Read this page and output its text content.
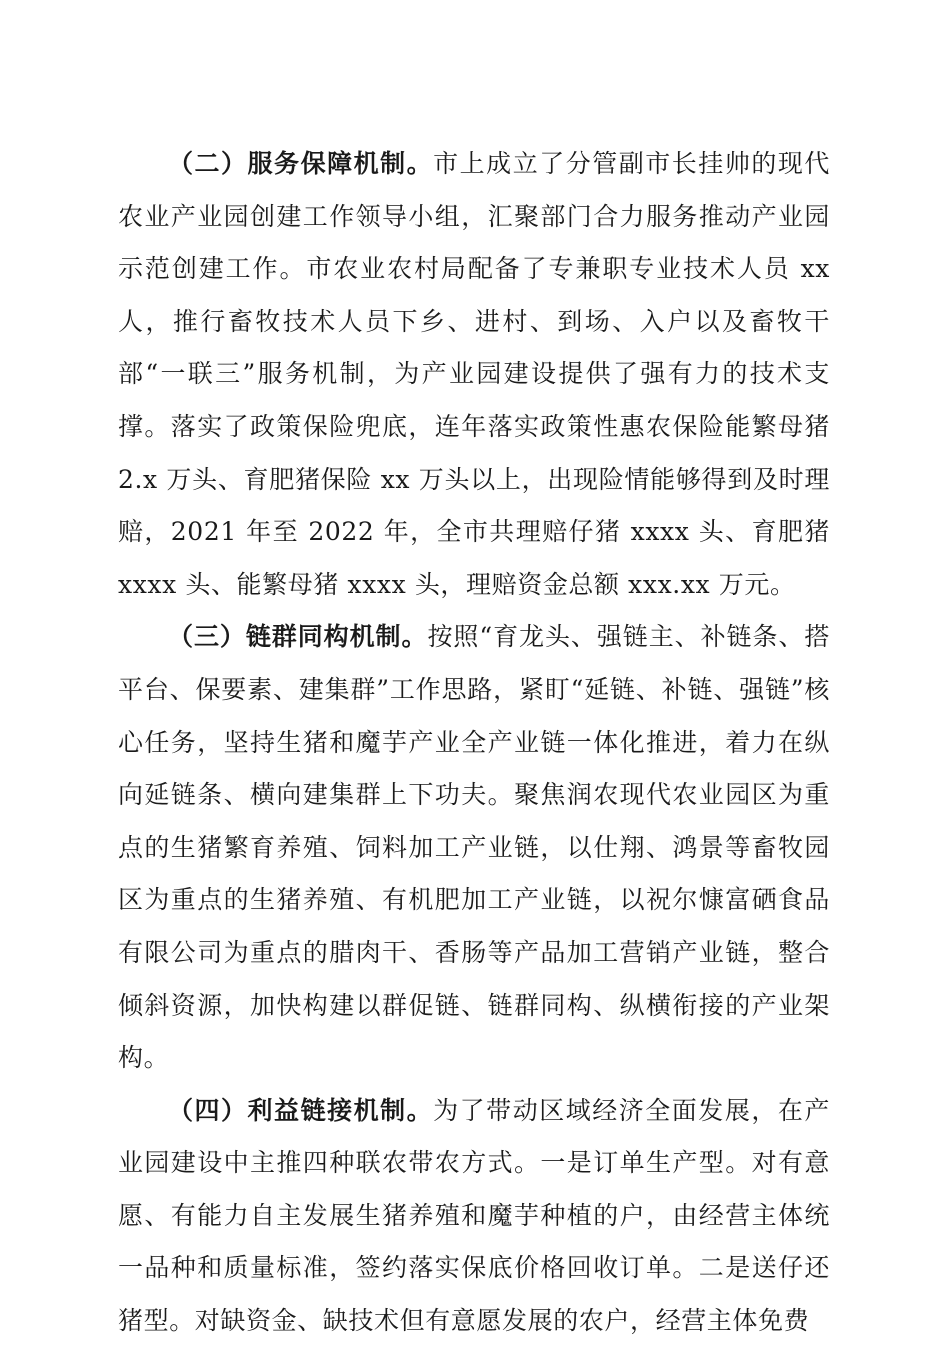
（二）服务保障机制。市上成立了分管副市长挂帅的现代农业产业园创建工作领导小组，汇聚部门合力服务推动产业园示范创建工作。市农业农村局配备了专兼职专业技术人员 xx 人，推行畜牧技术人员下乡、进村、到场、入户以及畜牧干部“一联三”服务机制，为产业园建设提供了强有力的技术支撑。落实了政策保险兜底，连年落实政策性惠农保险能繁母猪 2.x 万头、育肥猪保险 xx 万头以上，出现险情能够得到及时理赔，2021 年至 2022 年，全市共理赔仔猪 xxxx 头、育肥猪 xxxx 头、能繁母猪 xxxx 头，理赔资金总额 xxx.xx 万元。

（三）链群同构机制。按照“育龙头、强链主、补链条、搭平台、保要素、建集群”工作思路，紧盯“延链、补链、强链”核心任务，坚持生猪和魔芋产业全产业链一体化推进，着力在纵向延链条、横向建集群上下功夫。聚焦润农现代农业园区为重点的生猪繁育养殖、饲料加工产业链，以仕翔、鸿景等畜牧园区为重点的生猪养殖、有机肥加工产业链，以祝尔慷富硒食品有限公司为重点的腊肉干、香肠等产品加工营销产业链，整合倾斜资源，加快构建以群促链、链群同构、纵横衔接的产业架构。

（四）利益链接机制。为了带动区域经济全面发展，在产业园建设中主推四种联农带农方式。一是订单生产型。对有意愿、有能力自主发展生猪养殖和魔芋种植的户，由经营主体统一品种和质量标准，签约落实保底价格回收订单。二是送仔还猪型。对缺资金、缺技术但有意愿发展的农户，经营主体免费
